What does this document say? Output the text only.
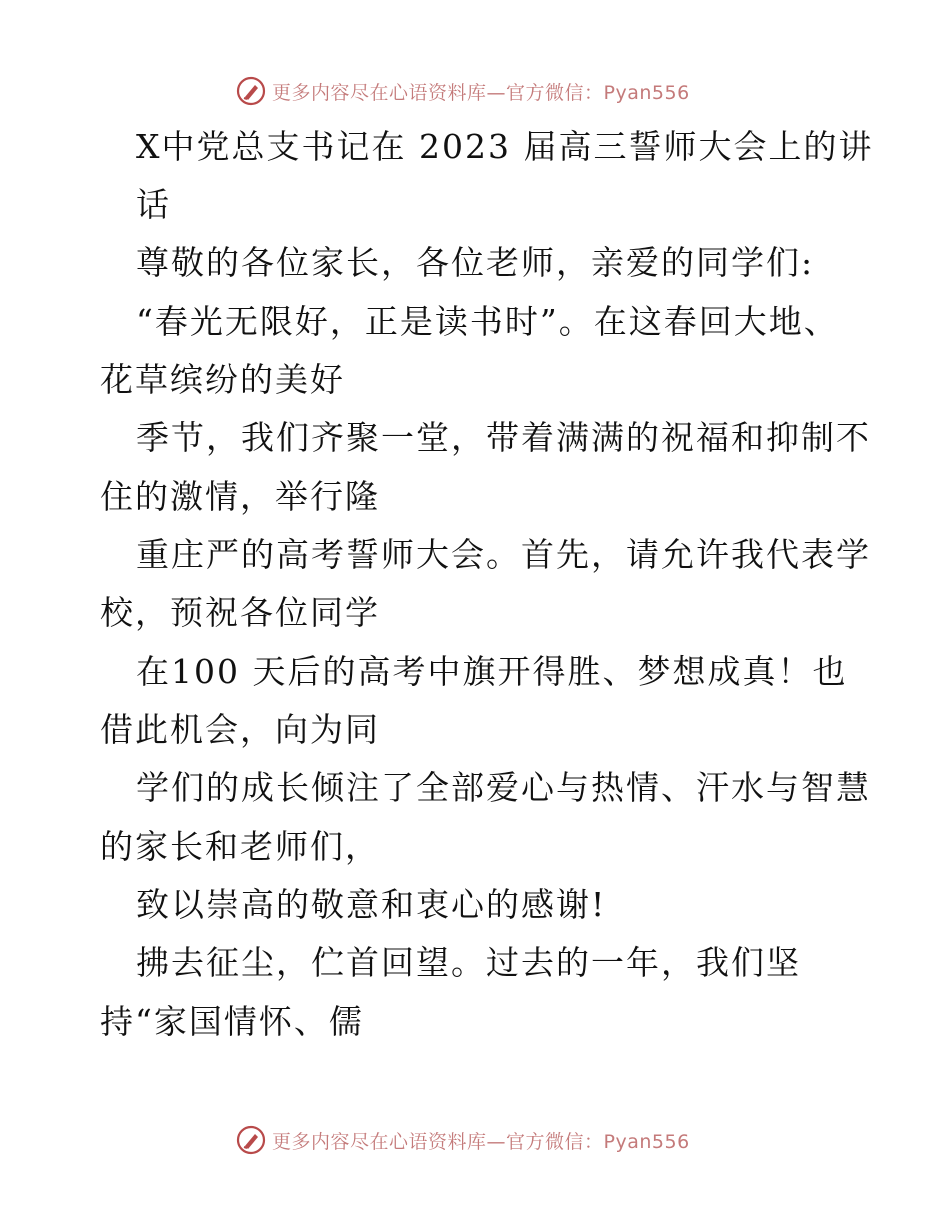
更多内容尽在心语资料库—官方微信：Pyan556
X中党总支书记在 2023 届高三誓师大会上的讲
话
尊敬的各位家长，各位老师，亲爱的同学们:
“春光无限好，正是读书时”。在这春回大地、
花草缤纷的美好
季节，我们齐聚一堂，带着满满的祝福和抑制不
住的激情，举行隆
重庄严的高考誓师大会。首先，请允许我代表学
校，预祝各位同学
在100 天后的高考中旗开得胜、梦想成真！也
借此机会，向为同
学们的成长倾注了全部爱心与热情、汗水与智慧
的家长和老师们，
致以崇高的敬意和衷心的感谢!
拂去征尘，伫首回望。过去的一年，我们坚
持“家国情怀、儒
更多内容尽在心语资料库—官方微信：Pyan556
